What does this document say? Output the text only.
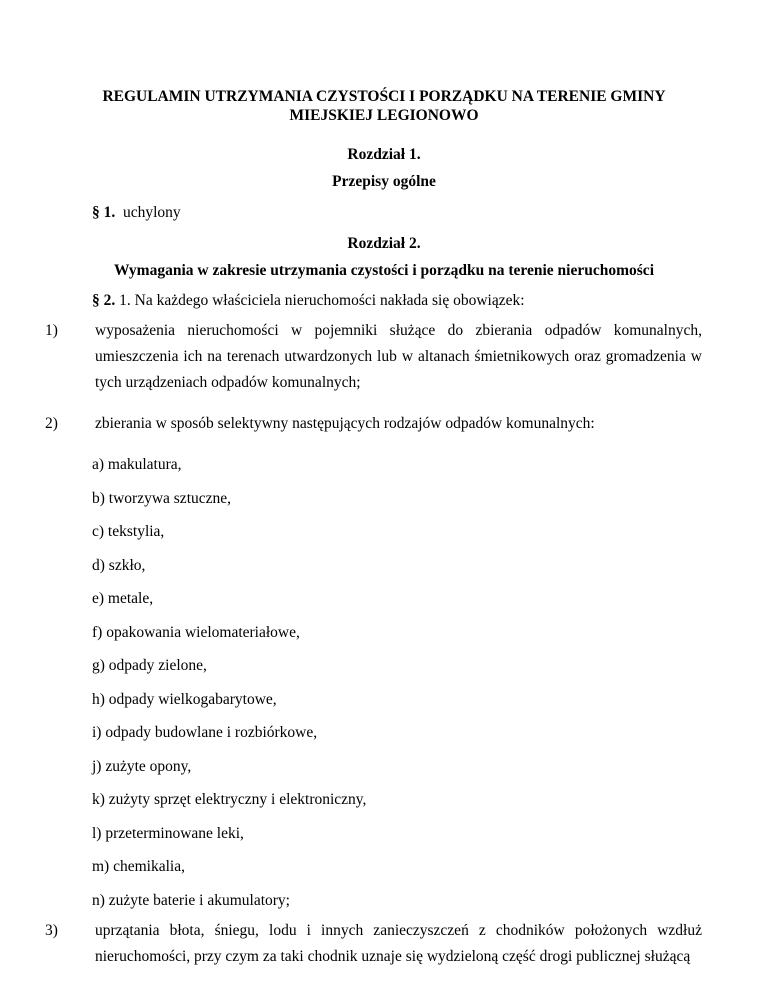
REGULAMIN UTRZYMANIA CZYSTOŚCI I PORZĄDKU NA TERENIE GMINY
MIEJSKIEJ LEGIONOWO
Rozdział 1.
Przepisy ogólne
§ 1. uchylony
Rozdział 2.
Wymagania w zakresie utrzymania czystości i porządku na terenie nieruchomości
§ 2. 1. Na każdego właściciela nieruchomości nakłada się obowiązek:
1) wyposażenia nieruchomości w pojemniki służące do zbierania odpadów komunalnych, umieszczenia ich na terenach utwardzonych lub w altanach śmietnikowych oraz gromadzenia w tych urządzeniach odpadów komunalnych;
2) zbierania w sposób selektywny następujących rodzajów odpadów komunalnych:
a) makulatura,
b) tworzywa sztuczne,
c) tekstylia,
d) szkło,
e) metale,
f) opakowania wielomateriałowe,
g) odpady zielone,
h) odpady wielkogabarytowe,
i) odpady budowlane i rozbiórkowe,
j) zużyte opony,
k) zużyty sprzęt elektryczny i elektroniczny,
l) przeterminowane leki,
m) chemikalia,
n) zużyte baterie i akumulatory;
3) uprzątania błota, śniegu, lodu i innych zanieczyszczeń z chodników położonych wzdłuż nieruchomości, przy czym za taki chodnik uznaje się wydzieloną część drogi publicznej służącą
